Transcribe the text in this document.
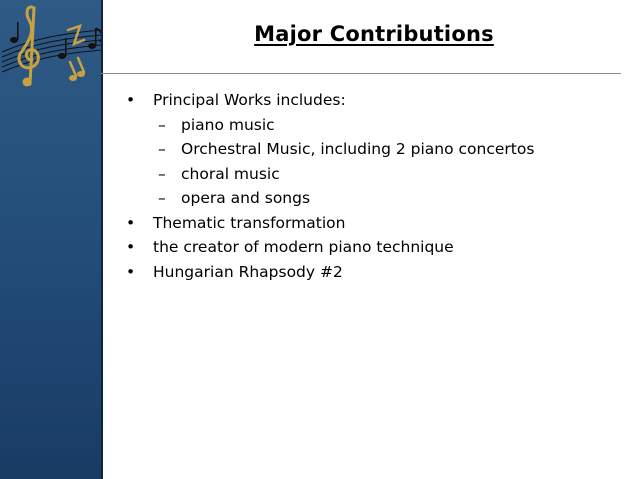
Major Contributions
• Principal Works includes:
– piano music
– Orchestral Music, including 2 piano concertos
– choral music
– opera and songs
• Thematic transformation
• the creator of modern piano technique
• Hungarian Rhapsody #2
